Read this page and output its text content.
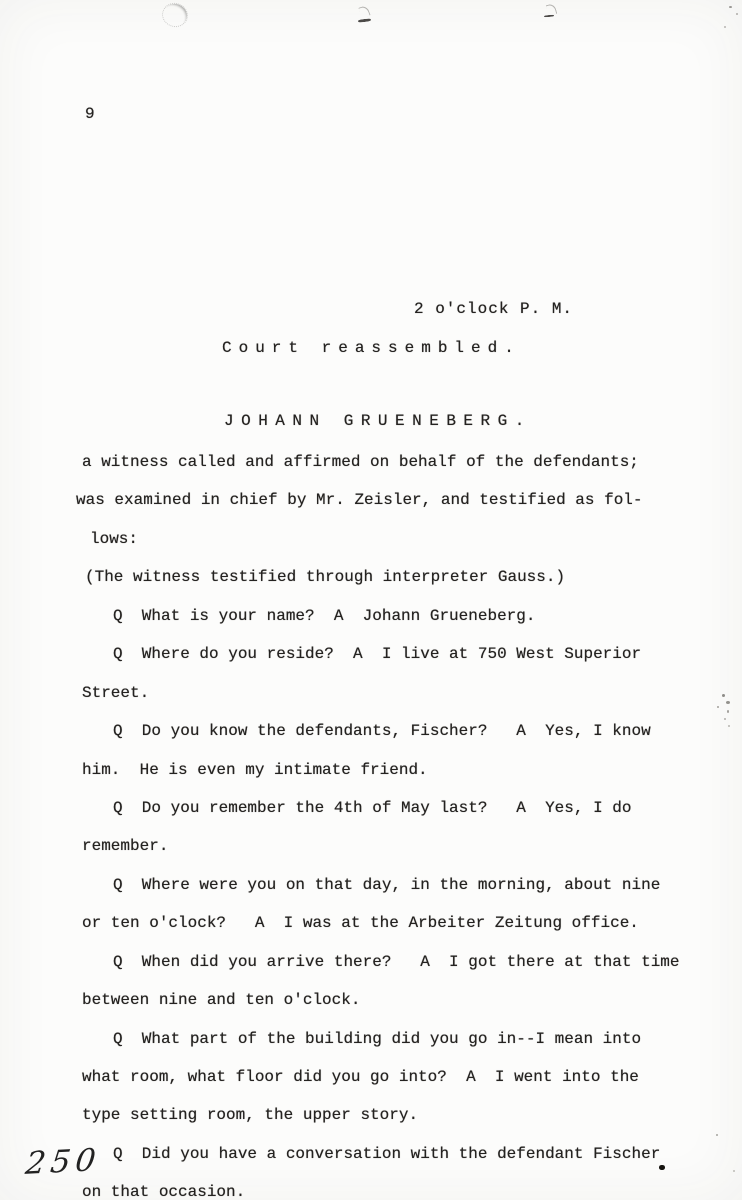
9
2 o'clock P. M.
Court reassembled.
JOHANN GRUENEBERG.
a witness called and affirmed on behalf of the defendants;
was examined in chief by Mr. Zeisler, and testified as fol-
lows:
(The witness testified through interpreter Gauss.)
Q  What is your name?  A  Johann Grueneberg.
Q  Where do you reside?  A  I live at 750 West Superior
Street.
Q  Do you know the defendants, Fischer?   A  Yes, I know
him.  He is even my intimate friend.
Q  Do you remember the 4th of May last?   A  Yes, I do
remember.
Q  Where were you on that day, in the morning, about nine
or ten o'clock?   A  I was at the Arbeiter Zeitung office.
Q  When did you arrive there?   A  I got there at that time
between nine and ten o'clock.
Q  What part of the building did you go in--I mean into
what room, what floor did you go into?  A  I went into the
type setting room, the upper story.
Q  Did you have a conversation with the defendant Fischer
on that occasion.
250
